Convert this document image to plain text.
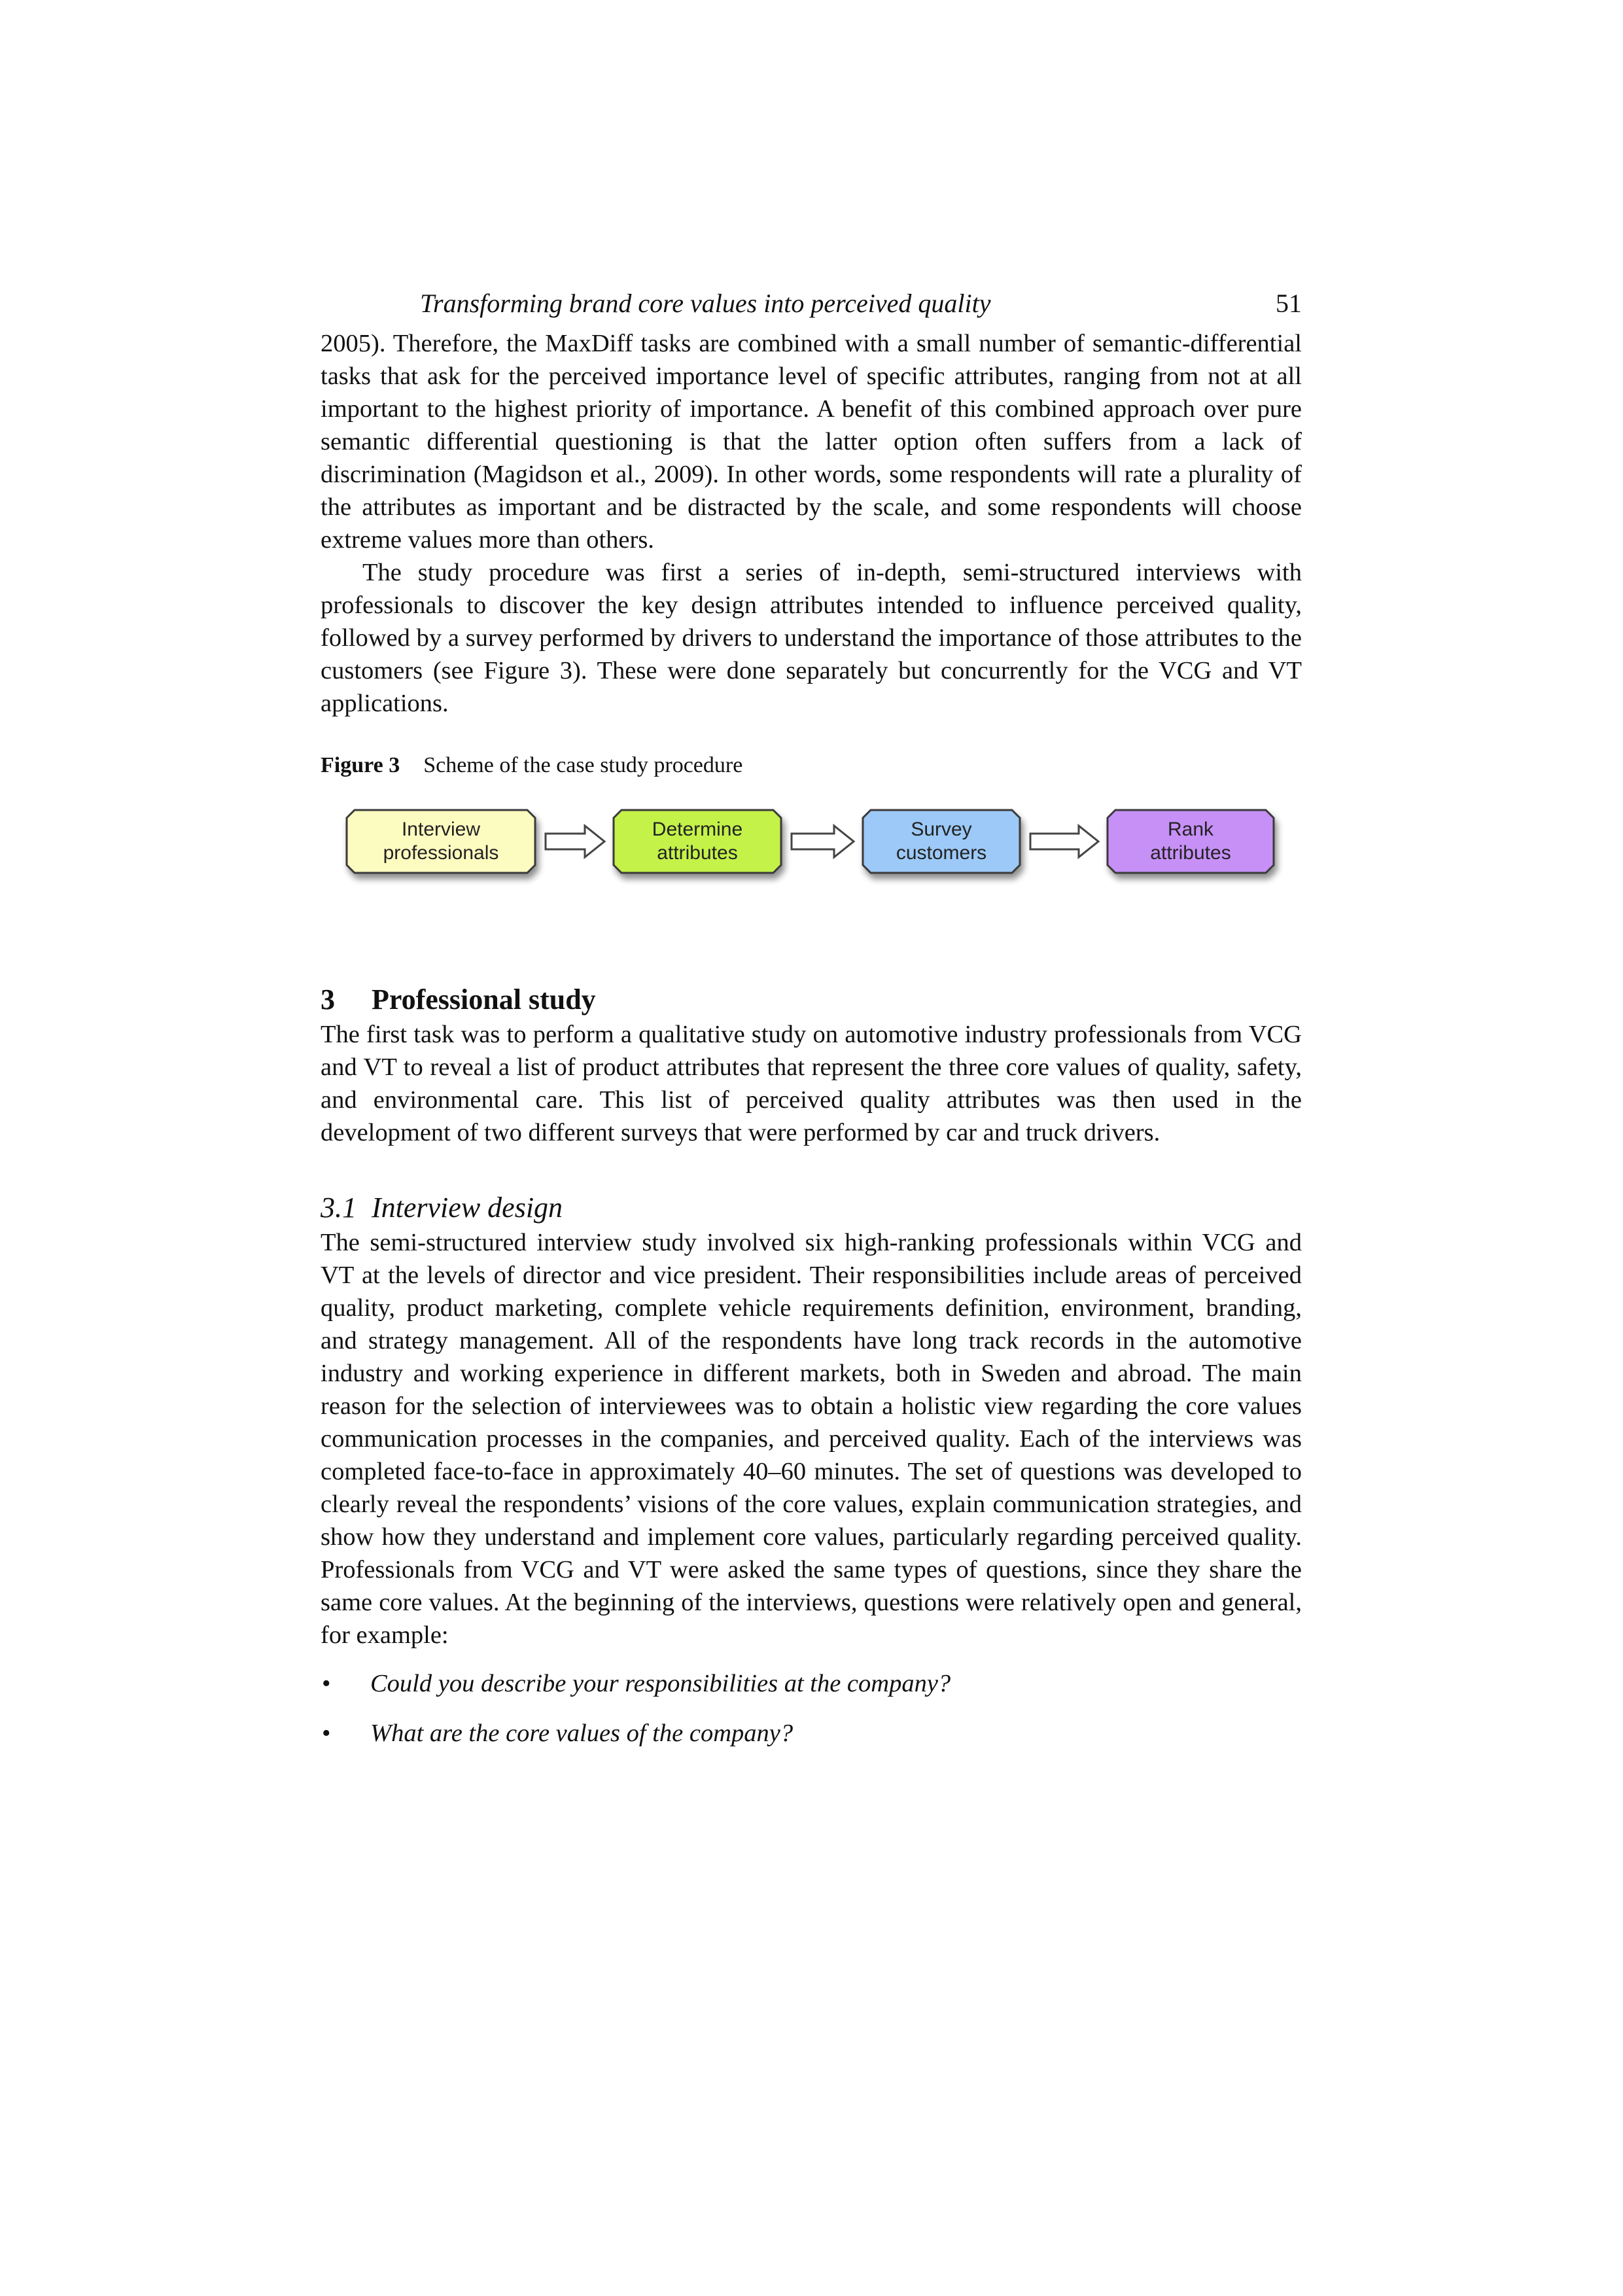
Transforming brand core values into perceived quality	51

2005). Therefore, the MaxDiff tasks are combined with a small number of semantic-differential tasks that ask for the perceived importance level of specific attributes, ranging from not at all important to the highest priority of importance. A benefit of this combined approach over pure semantic differential questioning is that the latter option often suffers from a lack of discrimination (Magidson et al., 2009). In other words, some respondents will rate a plurality of the attributes as important and be distracted by the scale, and some respondents will choose extreme values more than others.

The study procedure was first a series of in-depth, semi-structured interviews with professionals to discover the key design attributes intended to influence perceived quality, followed by a survey performed by drivers to understand the importance of those attributes to the customers (see Figure 3). These were done separately but concurrently for the VCG and VT applications.

Figure 3 Scheme of the case study procedure
Interview
professionals
Determine
attributes
Survey
customers
Rank
attributes
3 Professional study

The first task was to perform a qualitative study on automotive industry professionals from VCG and VT to reveal a list of product attributes that represent the three core values of quality, safety, and environmental care. This list of perceived quality attributes was then used in the development of two different surveys that were performed by car and truck drivers.

3.1 Interview design

The semi-structured interview study involved six high-ranking professionals within VCG and VT at the levels of director and vice president. Their responsibilities include areas of perceived quality, product marketing, complete vehicle requirements definition, environment, branding, and strategy management. All of the respondents have long track records in the automotive industry and working experience in different markets, both in Sweden and abroad. The main reason for the selection of interviewees was to obtain a holistic view regarding the core values communication processes in the companies, and perceived quality. Each of the interviews was completed face-to-face in approximately 40–60 minutes. The set of questions was developed to clearly reveal the respondents’ visions of the core values, explain communication strategies, and show how they understand and implement core values, particularly regarding perceived quality. Professionals from VCG and VT were asked the same types of questions, since they share the same core values. At the beginning of the interviews, questions were relatively open and general, for example:

• Could you describe your responsibilities at the company?
• What are the core values of the company?
